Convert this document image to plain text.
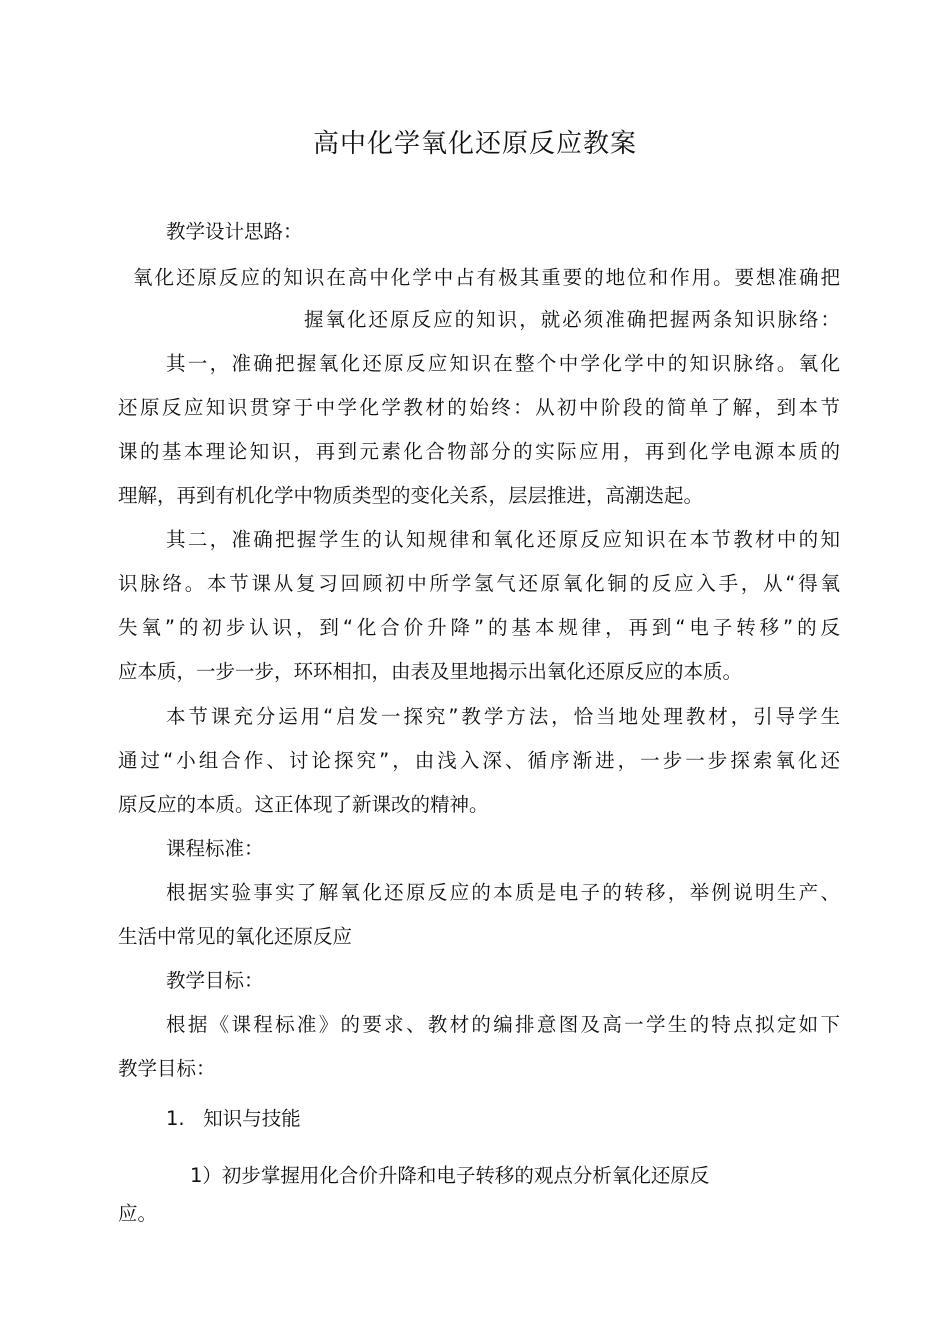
高中化学氧化还原反应教案
教学设计思路：
氧化还原反应的知识在高中化学中占有极其重要的地位和作用。要想准确把
握氧化还原反应的知识，就必须准确把握两条知识脉络：
其一，准确把握氧化还原反应知识在整个中学化学中的知识脉络。氧化
还原反应知识贯穿于中学化学教材的始终：从初中阶段的简单了解，到本节
课的基本理论知识，再到元素化合物部分的实际应用，再到化学电源本质的
理解，再到有机化学中物质类型的变化关系，层层推进，高潮迭起。
其二，准确把握学生的认知规律和氧化还原反应知识在本节教材中的知
识脉络。本节课从复习回顾初中所学氢气还原氧化铜的反应入手，从“得氧
失氧”的初步认识，到“化合价升降”的基本规律，再到“电子转移”的反
应本质，一步一步，环环相扣，由表及里地揭示出氧化还原反应的本质。
本节课充分运用“启发一探究”教学方法，恰当地处理教材，引导学生
通过“小组合作、讨论探究”，由浅入深、循序渐进，一步一步探索氧化还
原反应的本质。这正体现了新课改的精神。
课程标准：
根据实验事实了解氧化还原反应的本质是电子的转移，举例说明生产、
生活中常见的氧化还原反应
教学目标：
根据《课程标准》的要求、教材的编排意图及高一学生的特点拟定如下
教学目标：
1.   知识与技能
1）初步掌握用化合价升降和电子转移的观点分析氧化还原反
应。
